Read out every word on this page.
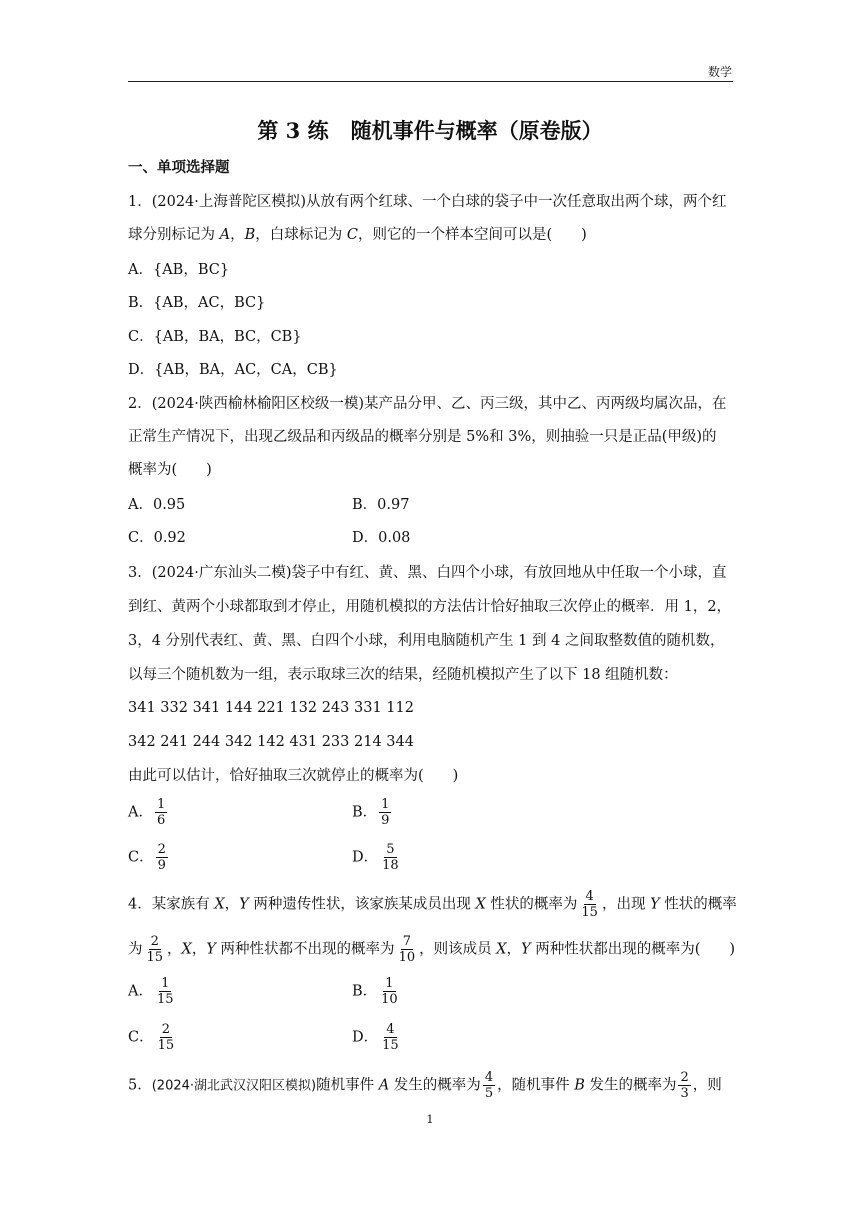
数学
第 3 练 随机事件与概率（原卷版）
一、单项选择题
1．(2024·上海普陀区模拟)从放有两个红球、一个白球的袋子中一次任意取出两个球，两个红
球分别标记为 A，B，白球标记为 C，则它的一个样本空间可以是(　　)
A．{AB，BC}
B．{AB，AC，BC}
C．{AB，BA，BC，CB}
D．{AB，BA，AC，CA，CB}
2．(2024·陕西榆林榆阳区校级一模)某产品分甲、乙、丙三级，其中乙、丙两级均属次品，在
正常生产情况下，出现乙级品和丙级品的概率分别是 5%和 3%，则抽验一只是正品(甲级)的
概率为(　　)
A．0.95	B．0.97
C．0.92	D．0.08
3．(2024·广东汕头二模)袋子中有红、黄、黑、白四个小球，有放回地从中任取一个小球，直
到红、黄两个小球都取到才停止，用随机模拟的方法估计恰好抽取三次停止的概率．用 1，2，
3，4 分别代表红、黄、黑、白四个小球，利用电脑随机产生 1 到 4 之间取整数值的随机数，
以每三个随机数为一组，表示取球三次的结果，经随机模拟产生了以下 18 组随机数：
341 332 341 144 221 132 243 331 112
342 241 244 342 142 431 233 214 344
由此可以估计，恰好抽取三次就停止的概率为(　　)
A． $\frac{1}{6}$	B． $\frac{1}{9}$
C． $\frac{2}{9}$	D． $\frac{5}{18}$
4．某家族有 X，Y 两种遗传性状，该家族某成员出现 X 性状的概率为 $\frac{4}{15}$ ，出现 Y 性状的概率
为 $\frac{2}{15}$ ，X，Y 两种性状都不出现的概率为 $\frac{7}{10}$ ，则该成员 X，Y 两种性状都出现的概率为(　　)
A． $\frac{1}{15}$	B． $\frac{1}{10}$
C． $\frac{2}{15}$	D． $\frac{4}{15}$
5．(2024·湖北武汉汉阳区模拟)随机事件 A 发生的概率为 $\frac{4}{5}$ ，随机事件 B 发生的概率为 $\frac{2}{3}$ ，则
1
